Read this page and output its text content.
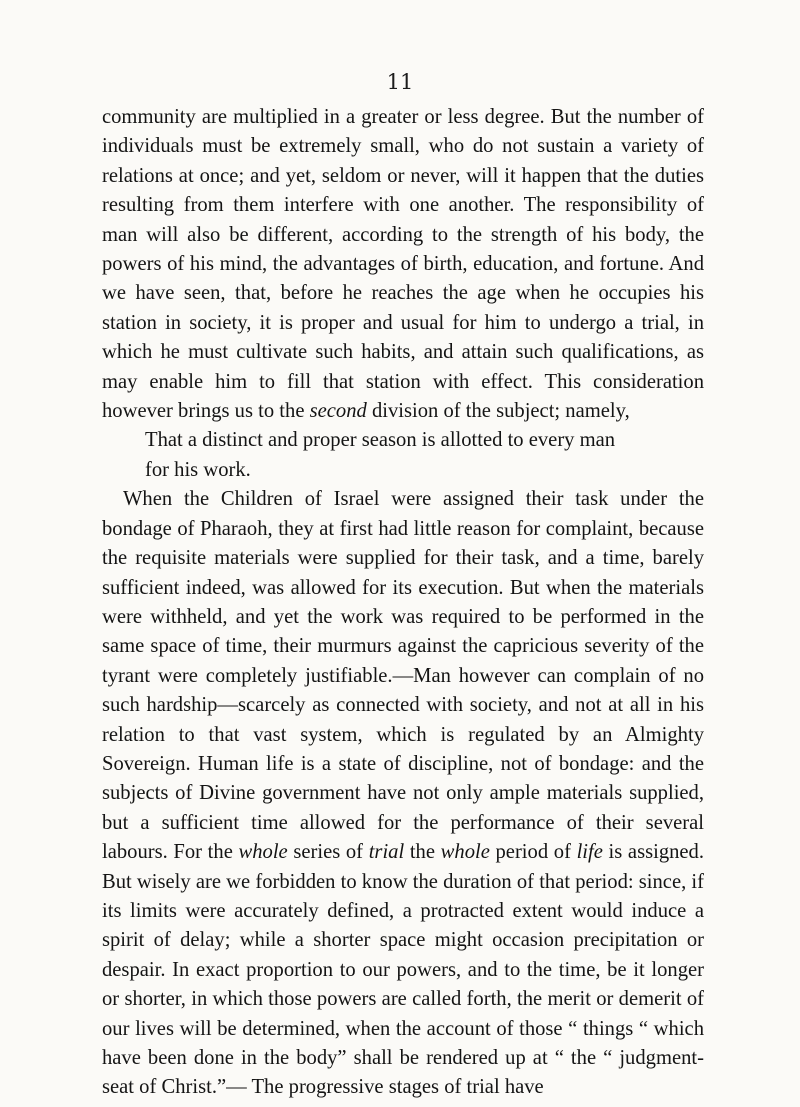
11

community are multiplied in a greater or less degree. But the number of individuals must be extremely small, who do not sustain a variety of relations at once; and yet, seldom or never, will it happen that the duties resulting from them interfere with one another. The responsibility of man will also be different, according to the strength of his body, the powers of his mind, the advantages of birth, education, and fortune. And we have seen, that, before he reaches the age when he occupies his station in society, it is proper and usual for him to undergo a trial, in which he must cultivate such habits, and attain such qualifications, as may enable him to fill that station with effect. This consideration however brings us to the second division of the subject; namely,

That a distinct and proper season is allotted to every man

for his work.

When the Children of Israel were assigned their task under the bondage of Pharaoh, they at first had little reason for complaint, because the requisite materials were supplied for their task, and a time, barely sufficient indeed, was allowed for its execution. But when the materials were withheld, and yet the work was required to be performed in the same space of time, their murmurs against the capricious severity of the tyrant were completely justifiable.—Man however can complain of no such hardship—scarcely as connected with society, and not at all in his relation to that vast system, which is regulated by an Almighty Sovereign. Human life is a state of discipline, not of bondage: and the subjects of Divine government have not only ample materials supplied, but a sufficient time allowed for the performance of their several labours. For the whole series of trial the whole period of life is assigned. But wisely are we forbidden to know the duration of that period: since, if its limits were accurately defined, a protracted extent would induce a spirit of delay; while a shorter space might occasion precipitation or despair. In exact proportion to our powers, and to the time, be it longer or shorter, in which those powers are called forth, the merit or demerit of our lives will be determined, when the account of those “ things “ which have been done in the body” shall be rendered up at “ the “ judgment-seat of Christ.”— The progressive stages of trial have
